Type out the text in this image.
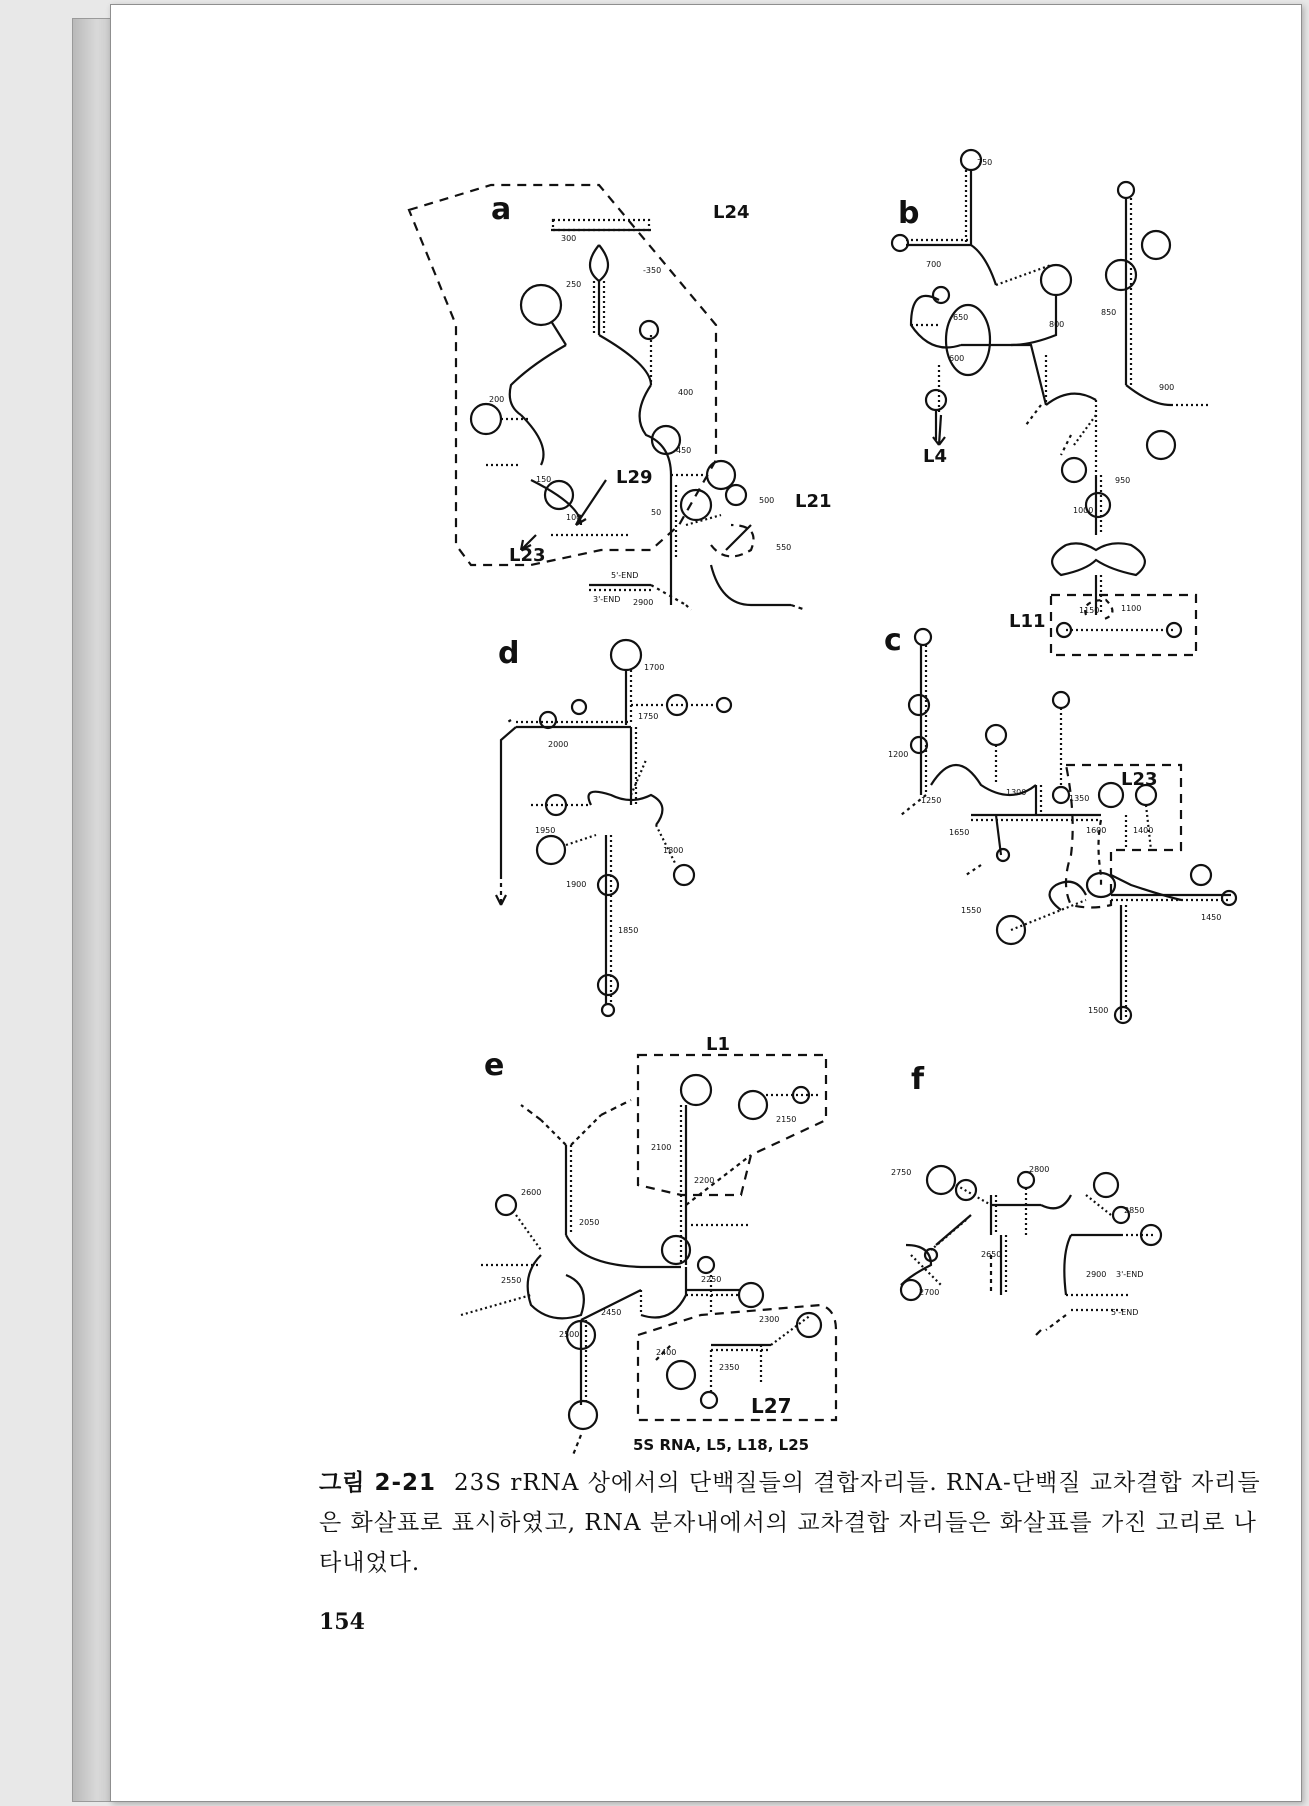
a	L24
L29
L21
L23
300
-350
250
400
200
450
150
100
50
500
550
5'-END
3'-END 2900
b
L4
L11
750
700
650
600
800
850
900
950
1000
1150	1100
d	1700
2000
1750
1950
1800
1900
1850
c
L23
1200
1250
1300
1350
1650	1600	1400
1550
1450
1500
e
L1
L27
2100
2150
2600
2200
2050
2250
2550
2500
2450
2300
2400
2350
5S RNA, L5, L18, L25
f
2750	2800
2850
2650
2700
2900 3'-END
5'-END
그림 2-21 23S rRNA 상에서의 단백질들의 결합자리들. RNA-단백질 교차결합 자리들은 화살표로 표시하였고, RNA 분자내에서의 교차결합 자리들은 화살표를 가진 고리로 나타내었다.
154
